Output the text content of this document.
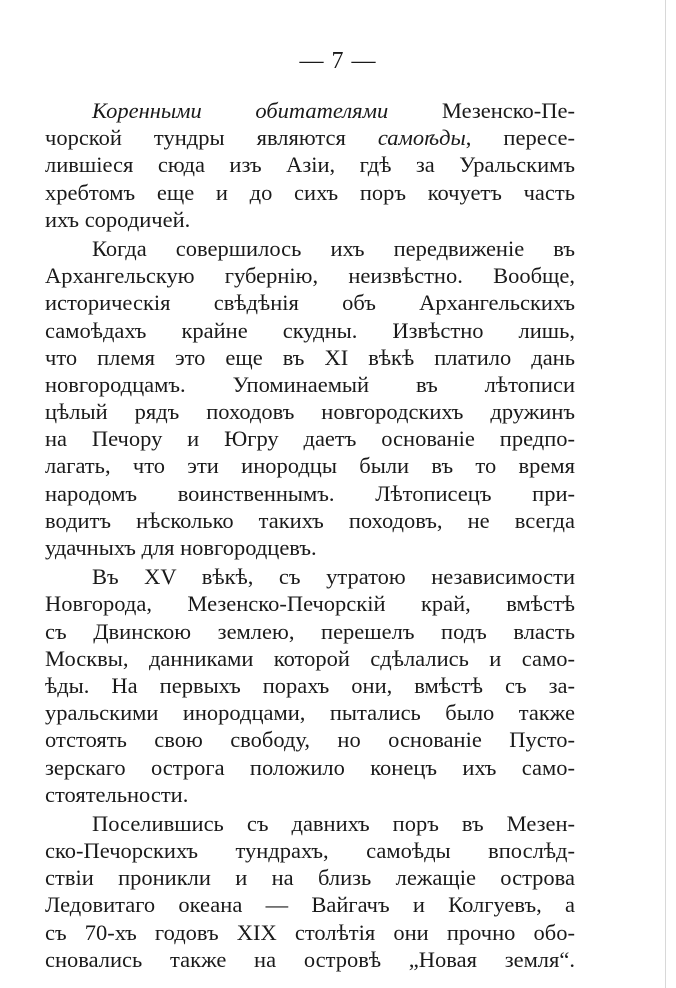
— 7 —
Коренными обитателями Мезенско-Пе-
чорской тундры являются самоѣды, пересе-
лившіеся сюда изъ Азіи, гдѣ за Уральскимъ
хребтомъ еще и до сихъ поръ кочуетъ часть
ихъ сородичей.
Когда совершилось ихъ передвиженіе въ
Архангельскую губернію, неизвѣстно. Вообще,
историческія свѣдѣнія объ Архангельскихъ
самоѣдахъ крайне скудны. Извѣстно лишь,
что племя это еще въ XI вѣкѣ платило дань
новгородцамъ. Упоминаемый въ лѣтописи
цѣлый рядъ походовъ новгородскихъ дружинъ
на Печору и Югру даетъ основаніе предпо-
лагать, что эти инородцы были въ то время
народомъ воинственнымъ. Лѣтописецъ при-
водитъ нѣсколько такихъ походовъ, не всегда
удачныхъ для новгородцевъ.
Въ XV вѣкѣ, съ утратою независимости
Новгорода, Мезенско-Печорскій край, вмѣстѣ
съ Двинскою землею, перешелъ подъ власть
Москвы, данниками которой сдѣлались и само-
ѣды. На первыхъ порахъ они, вмѣстѣ съ за-
уральскими инородцами, пытались было также
отстоять свою свободу, но основаніе Пусто-
зерскаго острога положило конецъ ихъ само-
стоятельности.
Поселившись съ давнихъ поръ въ Мезен-
ско-Печорскихъ тундрахъ, самоѣды впослѣд-
ствіи проникли и на близь лежащіе острова
Ледовитаго океана — Вайгачъ и Колгуевъ, а
съ 70-хъ годовъ XIX столѣтія они прочно обо-
сновались также на островѣ „Новая земля“.
